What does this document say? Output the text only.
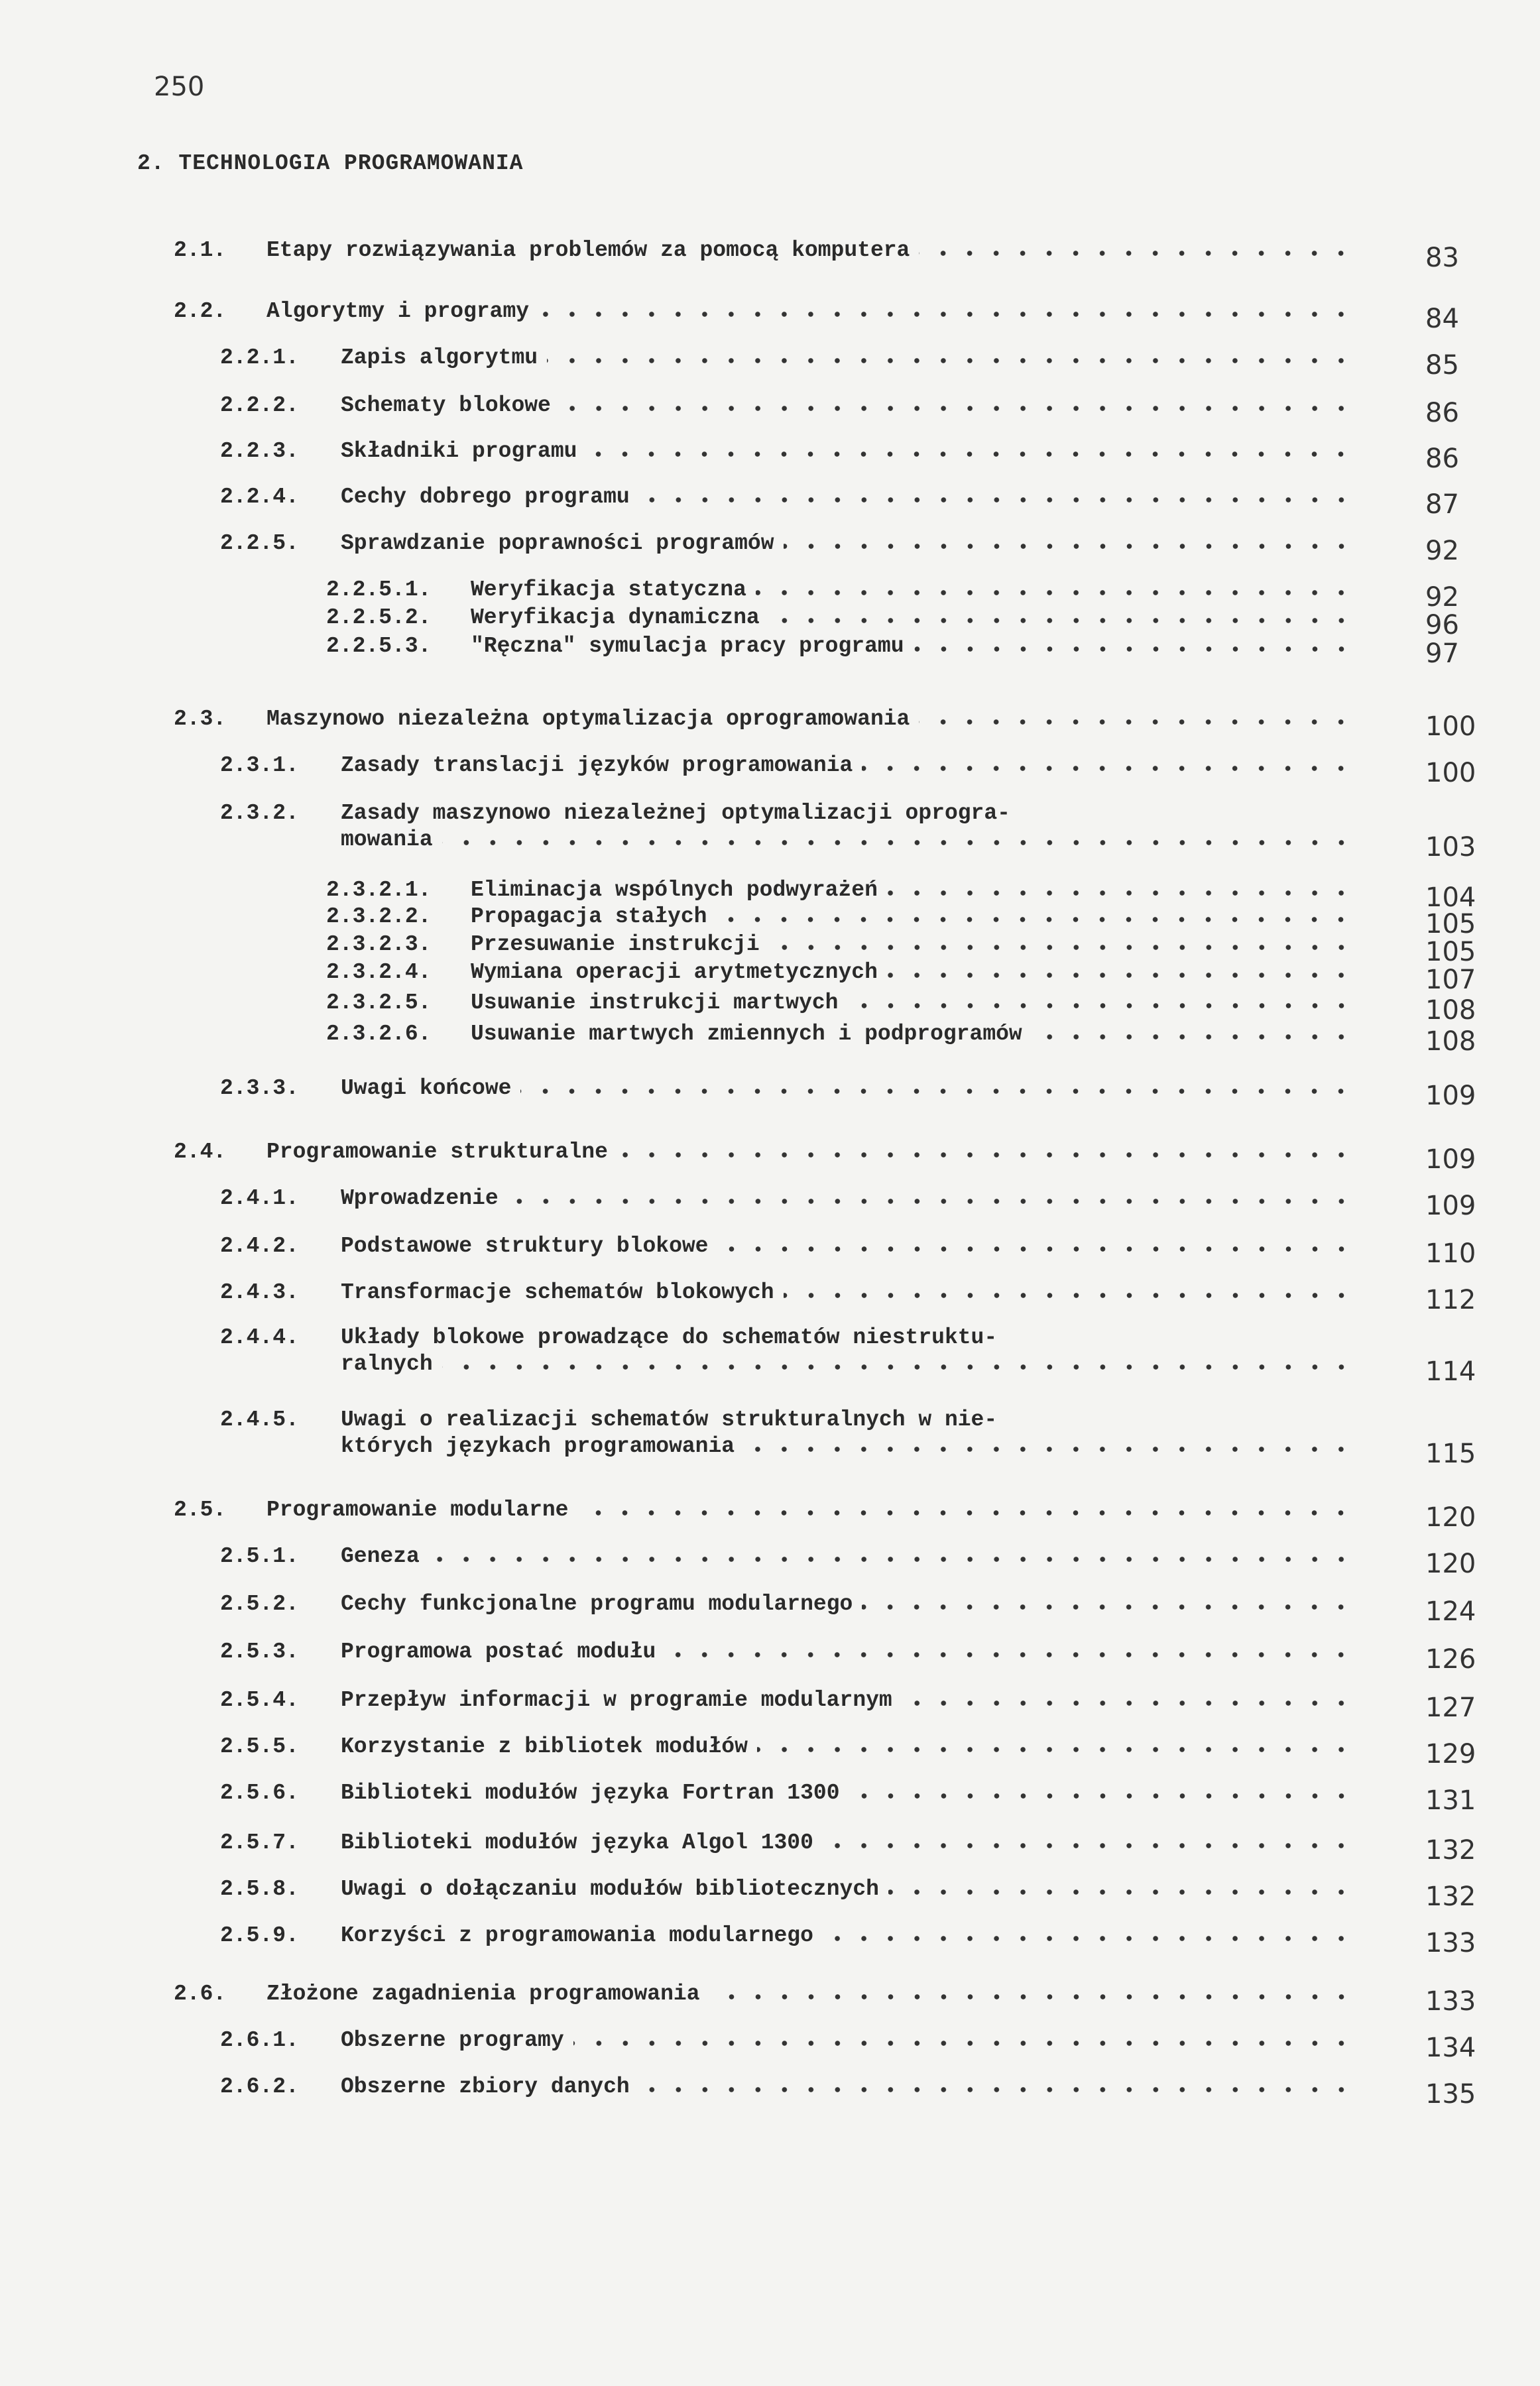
250
2. TECHNOLOGIA PROGRAMOWANIA
2.1.	Etapy rozwiązywania problemów za pomocą komputera	83
2.2.	Algorytmy i programy	84
2.2.1.	Zapis algorytmu	85
2.2.2.	Schematy blokowe	86
2.2.3.	Składniki programu	86
2.2.4.	Cechy dobrego programu	87
2.2.5.	Sprawdzanie poprawności programów	92
2.2.5.1.	Weryfikacja statyczna	92
2.2.5.2.	Weryfikacja dynamiczna	96
2.2.5.3.	"Ręczna" symulacja pracy programu	97
2.3.	Maszynowo niezależna optymalizacja oprogramowania	100
2.3.1.	Zasady translacji języków programowania	100
2.3.2.	Zasady maszynowo niezależnej optymalizacji oprogra-
mowania	103
2.3.2.1.	Eliminacja wspólnych podwyrażeń	104
2.3.2.2.	Propagacja stałych	105
2.3.2.3.	Przesuwanie instrukcji	105
2.3.2.4.	Wymiana operacji arytmetycznych	107
2.3.2.5.	Usuwanie instrukcji martwych	108
2.3.2.6.	Usuwanie martwych zmiennych i podprogramów	108
2.3.3.	Uwagi końcowe	109
2.4.	Programowanie strukturalne	109
2.4.1.	Wprowadzenie	109
2.4.2.	Podstawowe struktury blokowe	110
2.4.3.	Transformacje schematów blokowych	112
2.4.4.	Układy blokowe prowadzące do schematów niestruktu-
ralnych	114
2.4.5.	Uwagi o realizacji schematów strukturalnych w nie-
których językach programowania	115
2.5.	Programowanie modularne	120
2.5.1.	Geneza	120
2.5.2.	Cechy funkcjonalne programu modularnego	124
2.5.3.	Programowa postać modułu	126
2.5.4.	Przepływ informacji w programie modularnym	127
2.5.5.	Korzystanie z bibliotek modułów	129
2.5.6.	Biblioteki modułów języka Fortran 1300	131
2.5.7.	Biblioteki modułów języka Algol 1300	132
2.5.8.	Uwagi o dołączaniu modułów bibliotecznych	132
2.5.9.	Korzyści z programowania modularnego	133
2.6.	Złożone zagadnienia programowania	133
2.6.1.	Obszerne programy	134
2.6.2.	Obszerne zbiory danych	135
